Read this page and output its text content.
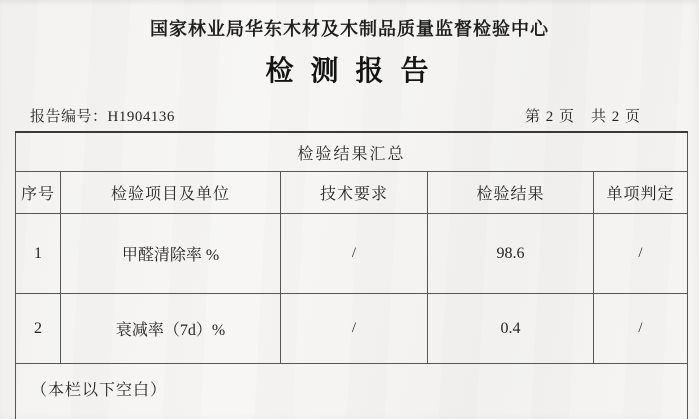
国家林业局华东木材及木制品质量监督检验中心
检 测 报 告
报告编号：H1904136	第 2 页　共 2 页
检验结果汇总				
序号	检验项目及单位	技术要求	检验结果	单项判定
1	甲醛清除率 %	/	98.6	/
2	衰减率（7d）%	/	0.4	/
（本栏以下空白）				
